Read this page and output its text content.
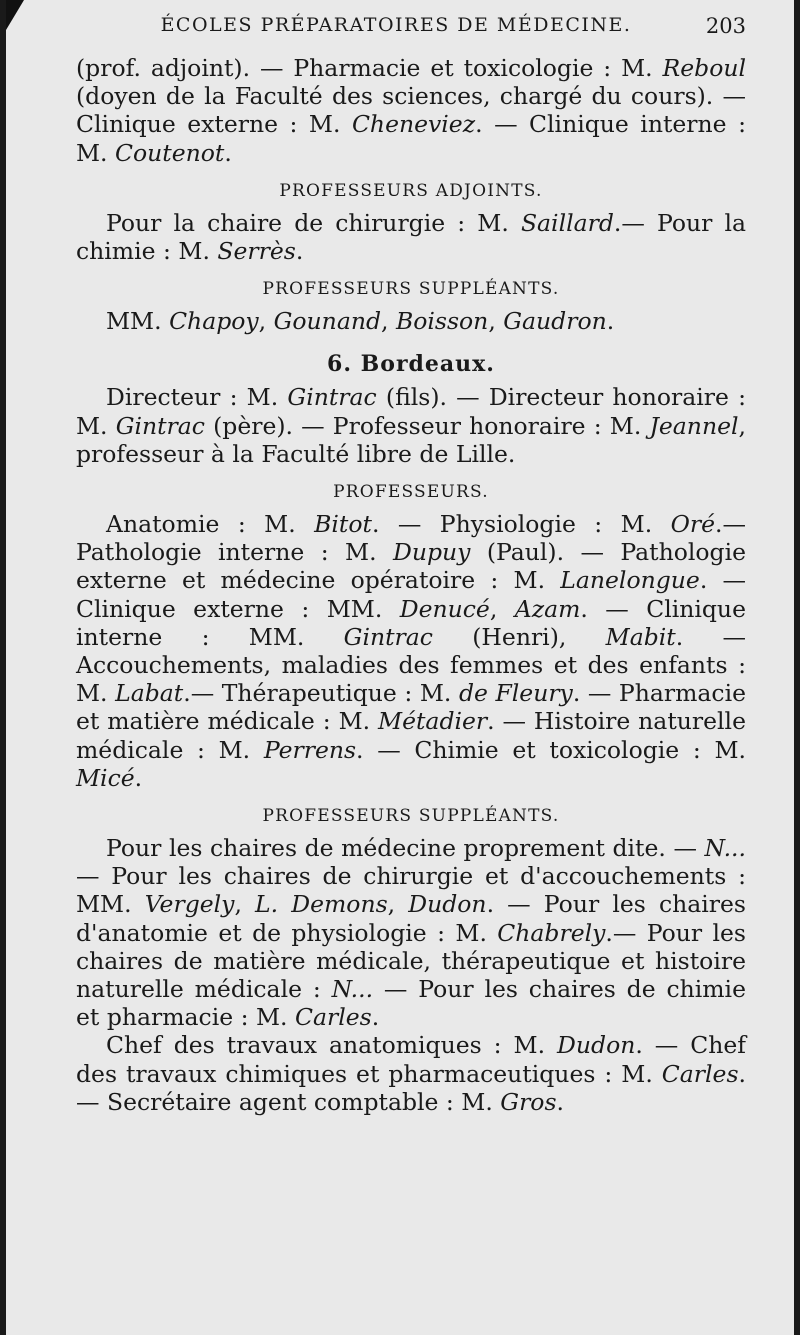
ÉCOLES PRÉPARATOIRES DE MÉDECINE.	203

(prof. adjoint). — Pharmacie et toxicologie : M. Reboul (doyen de la Faculté des sciences, chargé du cours). — Clinique externe : M. Cheneviez. — Clinique interne : M. Coutenot.

PROFESSEURS ADJOINTS.

Pour la chaire de chirurgie : M. Saillard.— Pour la chimie : M. Serrès.

PROFESSEURS SUPPLÉANTS.

MM. Chapoy, Gounand, Boisson, Gaudron.

6. Bordeaux.

Directeur : M. Gintrac (fils). — Directeur honoraire : M. Gintrac (père). — Professeur honoraire : M. Jeannel, professeur à la Faculté libre de Lille.

PROFESSEURS.

Anatomie : M. Bitot. — Physiologie : M. Oré.— Pathologie interne : M. Dupuy (Paul). — Pathologie externe et médecine opératoire : M. Lanelongue. — Clinique externe : MM. Denucé, Azam. — Clinique interne : MM. Gintrac (Henri), Mabit. — Accouchements, maladies des femmes et des enfants : M. Labat.— Thérapeutique : M. de Fleury. — Pharmacie et matière médicale : M. Métadier. — Histoire naturelle médicale : M. Perrens. — Chimie et toxicologie : M. Micé.

PROFESSEURS SUPPLÉANTS.

Pour les chaires de médecine proprement dite. — N... — Pour les chaires de chirurgie et d'accouchements : MM. Vergely, L. Demons, Dudon. — Pour les chaires d'anatomie et de physiologie : M. Chabrely.— Pour les chaires de matière médicale, thérapeutique et histoire naturelle médicale : N... — Pour les chaires de chimie et pharmacie : M. Carles.

Chef des travaux anatomiques : M. Dudon. — Chef des travaux chimiques et pharmaceutiques : M. Carles.— Secrétaire agent comptable : M. Gros.
